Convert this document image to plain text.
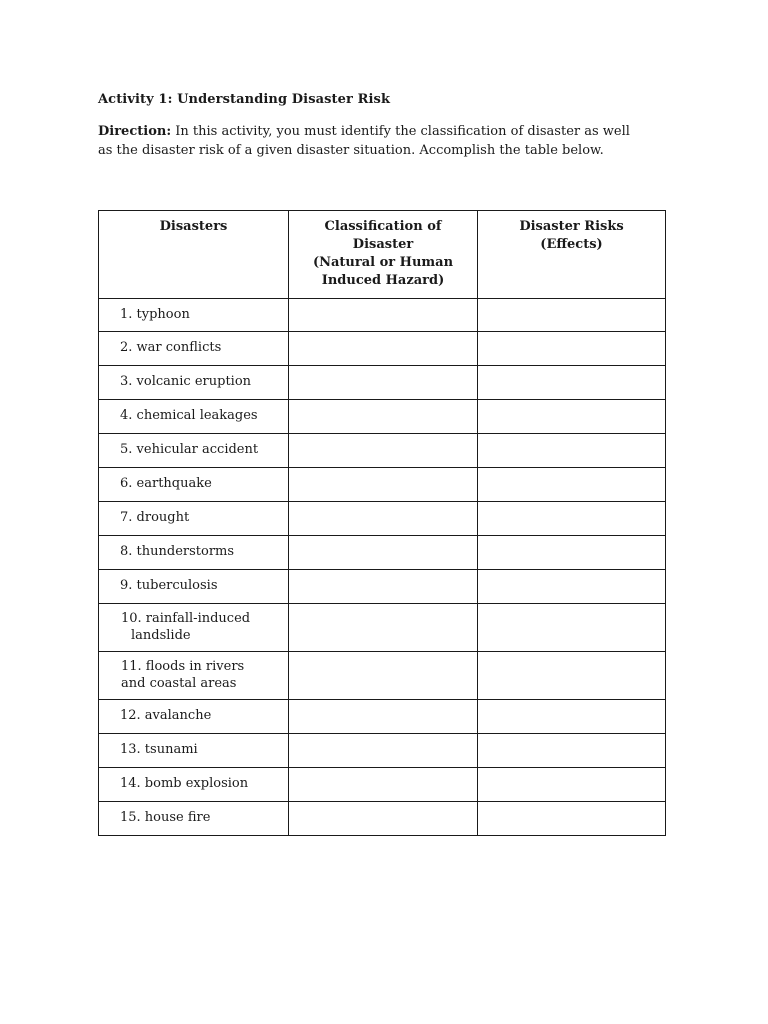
Activity 1: Understanding Disaster Risk
Direction: In this activity, you must identify the classification of disaster as well as the disaster risk of a given disaster situation. Accomplish the table below.
Disasters	Classification of
Disaster
(Natural or Human
Induced Hazard)	Disaster Risks
(Effects)

1. typhoon		
2. war conflicts		
3. volcanic eruption		
4. chemical leakages		
5. vehicular accident		
6. earthquake		
7. drought		
8. thunderstorms		
9. tuberculosis		

10. rainfall-induced
landslide		

11. floods in rivers
and coastal areas		

12. avalanche		
13. tsunami		
14. bomb explosion		
15. house fire		
